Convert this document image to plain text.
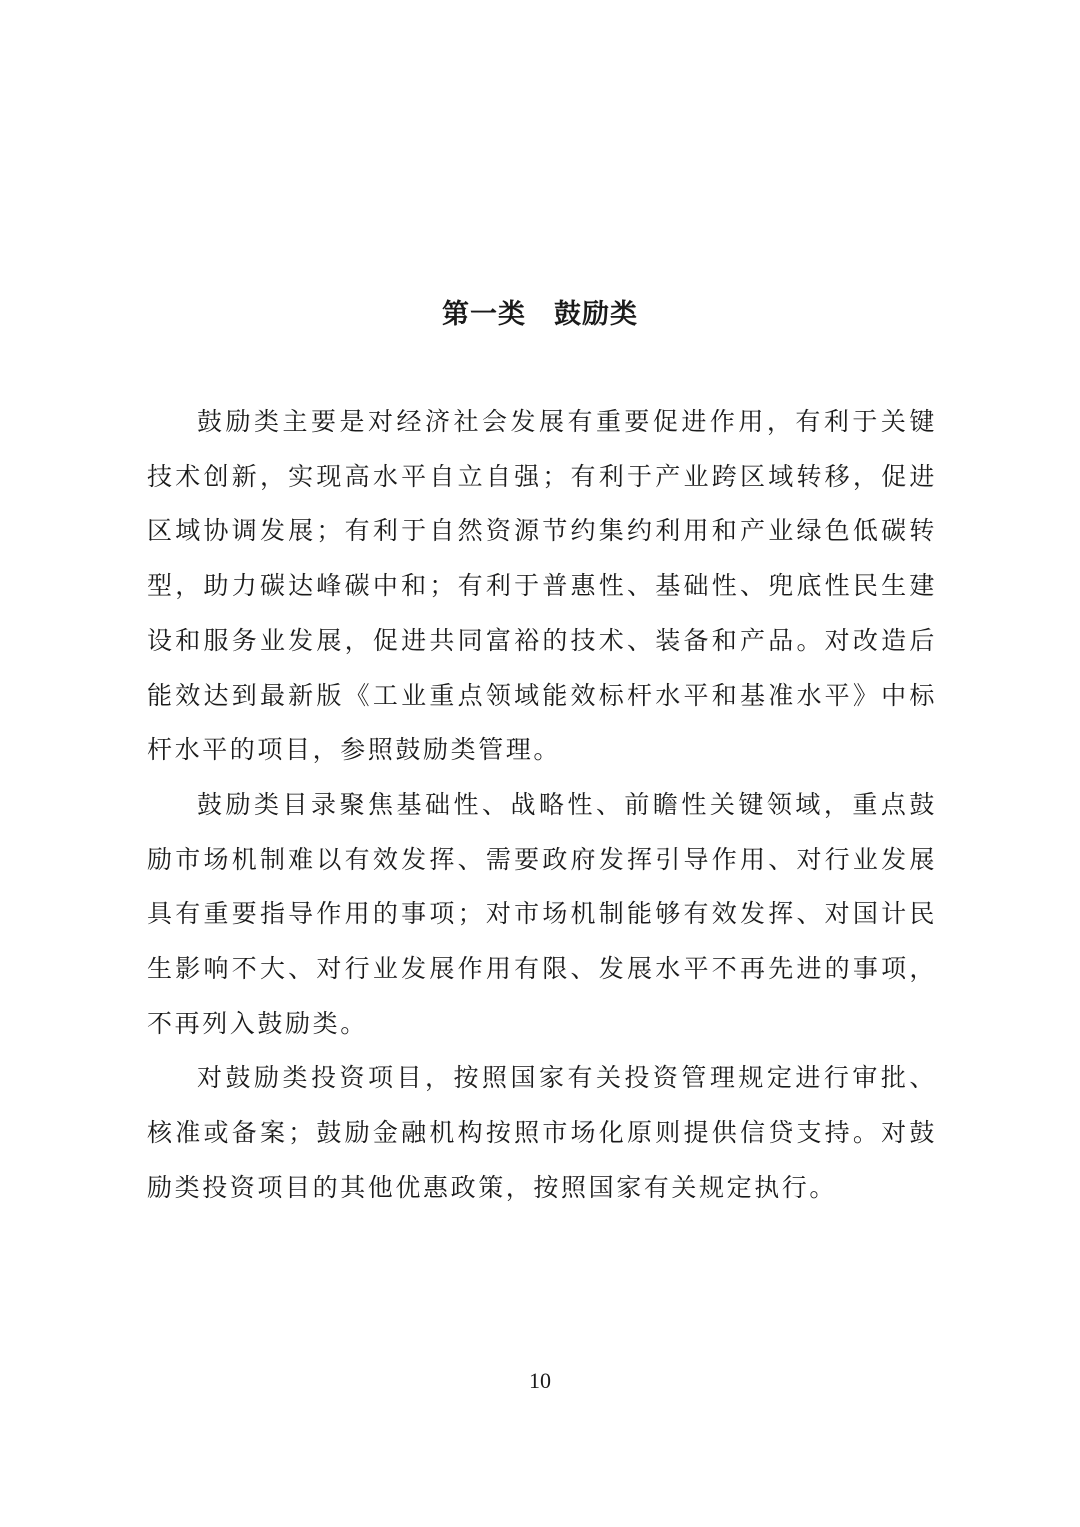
第一类　鼓励类

鼓励类主要是对经济社会发展有重要促进作用，有利于关键技术创新，实现高水平自立自强；有利于产业跨区域转移，促进区域协调发展；有利于自然资源节约集约利用和产业绿色低碳转型，助力碳达峰碳中和；有利于普惠性、基础性、兜底性民生建设和服务业发展，促进共同富裕的技术、装备和产品。对改造后能效达到最新版《工业重点领域能效标杆水平和基准水平》中标杆水平的项目，参照鼓励类管理。

鼓励类目录聚焦基础性、战略性、前瞻性关键领域，重点鼓励市场机制难以有效发挥、需要政府发挥引导作用、对行业发展具有重要指导作用的事项；对市场机制能够有效发挥、对国计民生影响不大、对行业发展作用有限、发展水平不再先进的事项，不再列入鼓励类。

对鼓励类投资项目，按照国家有关投资管理规定进行审批、核准或备案；鼓励金融机构按照市场化原则提供信贷支持。对鼓励类投资项目的其他优惠政策，按照国家有关规定执行。

10
